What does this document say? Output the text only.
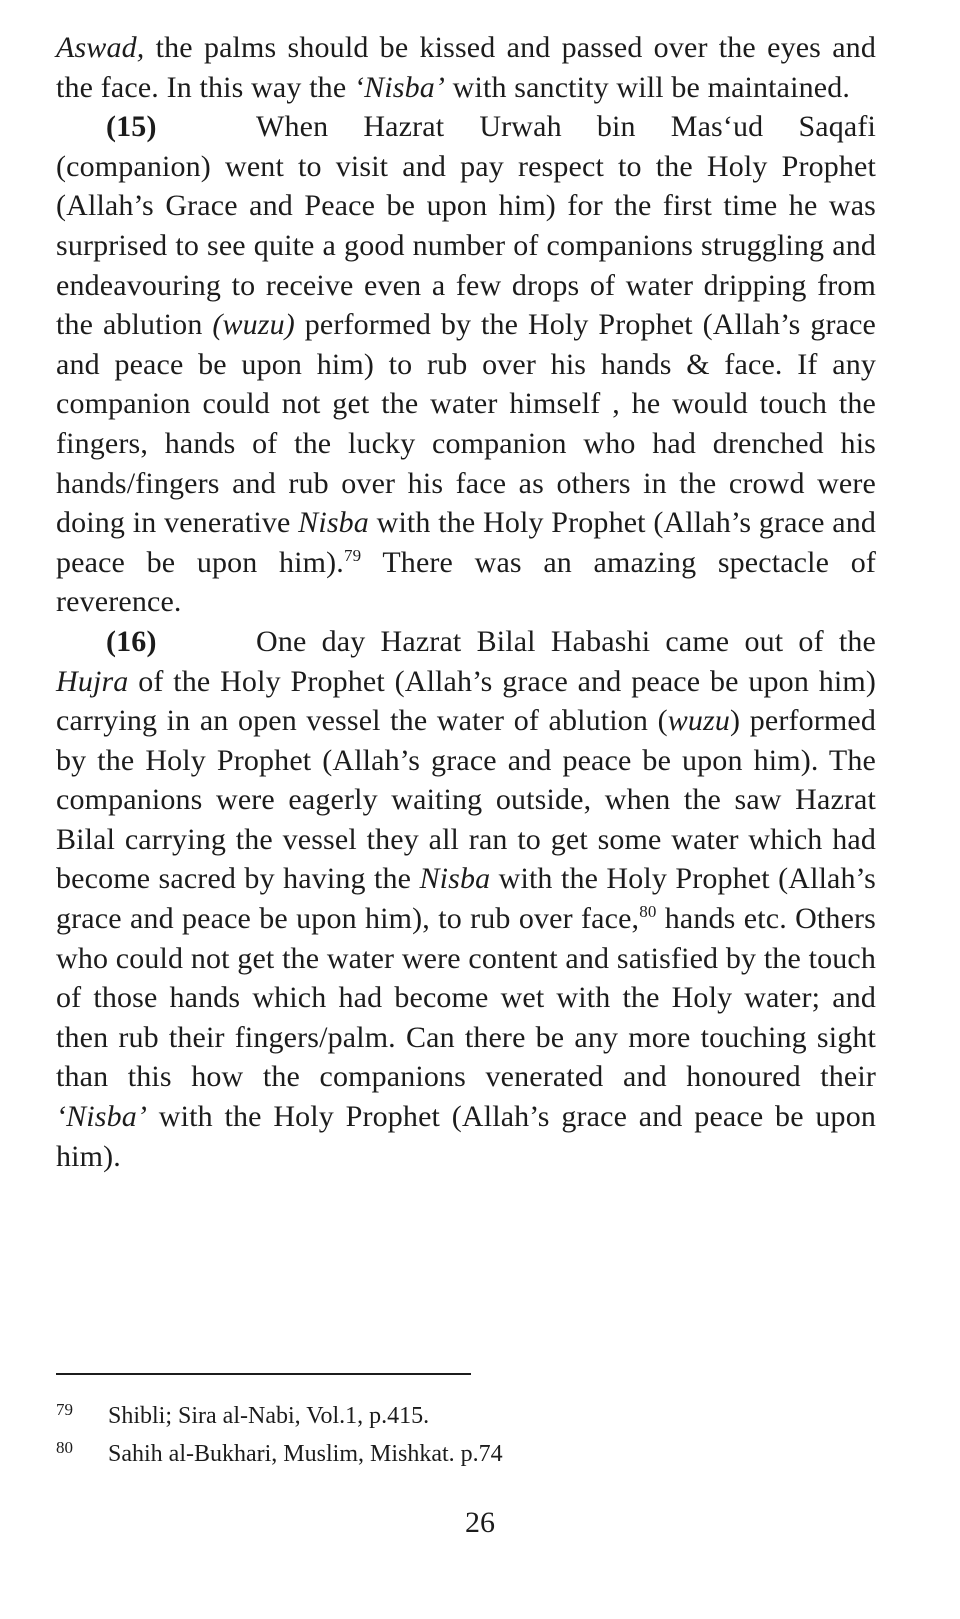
Aswad, the palms should be kissed and passed over the eyes and the face. In this way the ‘Nisba’ with sanctity will be maintained.

(15)	When Hazrat Urwah bin Mas‘ud Saqafi (companion) went to visit and pay respect to the Holy Prophet (Allah’s Grace and Peace be upon him) for the first time he was surprised to see quite a good number of companions struggling and endeavouring to receive even a few drops of water dripping from the ablution (wuzu) performed by the Holy Prophet (Allah’s grace and peace be upon him) to rub over his hands & face. If any companion could not get the water himself , he would touch the fingers, hands of the lucky companion who had drenched his hands/fingers and rub over his face as others in the crowd were doing in venerative Nisba with the Holy Prophet (Allah’s grace and peace be upon him).$^{79}$ There was an amazing spectacle of reverence.

(16)	One day Hazrat Bilal Habashi came out of the Hujra of the Holy Prophet (Allah’s grace and peace be upon him) carrying in an open vessel the water of ablution (wuzu) performed by the Holy Prophet (Allah’s grace and peace be upon him). The companions were eagerly waiting outside, when the saw Hazrat Bilal carrying the vessel they all ran to get some water which had become sacred by having the Nisba with the Holy Prophet (Allah’s grace and peace be upon him), to rub over face,$^{80}$ hands etc. Others who could not get the water were content and satisfied by the touch of those hands which had become wet with the Holy water; and then rub their fingers/palm. Can there be any more touching sight than this how the companions venerated and honoured their ‘Nisba’ with the Holy Prophet (Allah’s grace and peace be upon him).

79	Shibli; Sira al-Nabi, Vol.1, p.415.
80	Sahih al-Bukhari, Muslim, Mishkat. p.74
26
